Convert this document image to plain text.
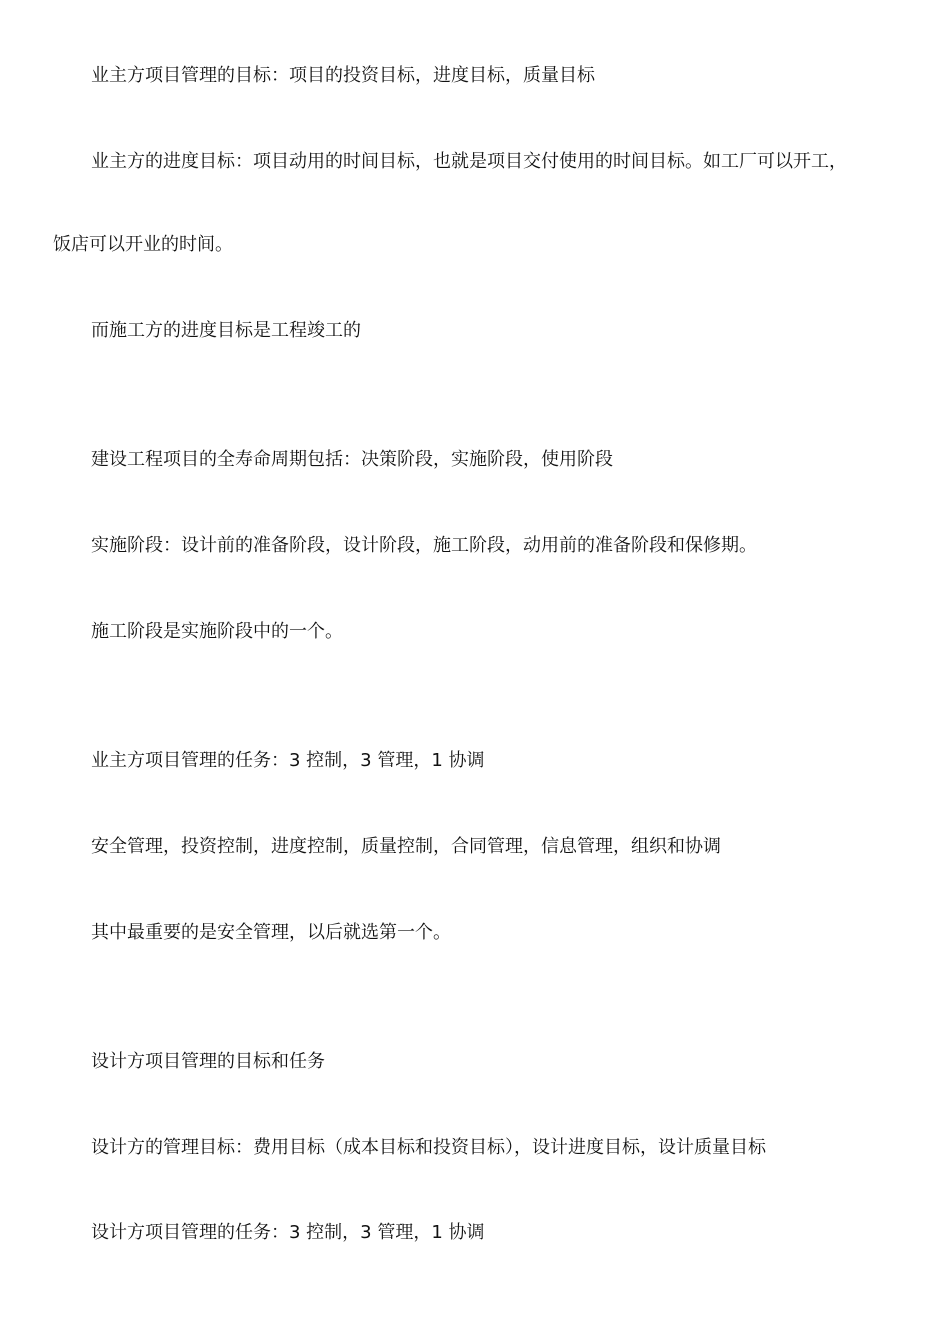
业主方项目管理的目标：项目的投资目标，进度目标，质量目标
业主方的进度目标：项目动用的时间目标，也就是项目交付使用的时间目标。如工厂可以开工，
饭店可以开业的时间。
而施工方的进度目标是工程竣工的
建设工程项目的全寿命周期包括：决策阶段，实施阶段，使用阶段
实施阶段：设计前的准备阶段，设计阶段，施工阶段，动用前的准备阶段和保修期。
施工阶段是实施阶段中的一个。
业主方项目管理的任务：3 控制，3 管理，1 协调
安全管理，投资控制，进度控制，质量控制，合同管理，信息管理，组织和协调
其中最重要的是安全管理，以后就选第一个。
设计方项目管理的目标和任务
设计方的管理目标：费用目标（成本目标和投资目标），设计进度目标，设计质量目标
设计方项目管理的任务：3 控制，3 管理，1 协调
